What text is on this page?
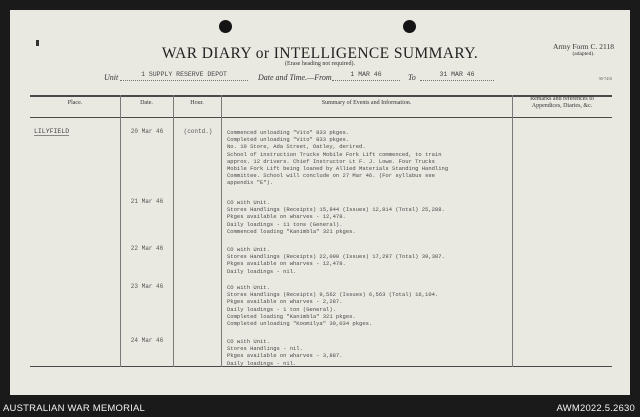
WAR DIARY or INTELLIGENCE SUMMARY.
(Erase heading not required).
Army Form C. 2118
(adapted).
M-7410
Unit	1 SUPPLY RESERVE DEPOT	Date and Time.—From	1 MAR 46	To	31 MAR 46
Place.	Date.	Hour.	Summary of Events and Information.
Remarks and references to
Appendices, Diaries, &c.
LILYFIELD	20 Mar 46	(contd.)	Commenced unloading "Vito" 833 pkges.
Completed unloading "Vito" 833 pkges.
No. 10 Store, Ada Street, Oatley, derired.
School of instruction Trucks Mobile Fork Lift commenced, to train
approx. 12 drivers. Chief Instructor Lt F. J. Lowe. Four Trucks
Mobile Fork Lift being loaned by Allied Materials Standing Handling
Committee. School will conclude on 27 Mar 46. (For syllabus see
appendix "E").
21 Mar 46	CO with Unit.
Stores Handlings (Receipts) 15,844 (Issues) 12,814 (Total) 25,288.
Pkges available on wharves - 12,478.
Daily loadings - 11 tons (General).
Commenced loading "Kanimbla" 321 pkges.
22 Mar 46	CO with Unit.
Stores Handlings (Receipts) 22,090 (Issues) 17,297 (Total) 39,387.
Pkges available on wharves - 12,478.
Daily loadings - nil.
23 Mar 46	CO with Unit.
Stores Handlings (Receipts) 9,562 (Issues) 6,563 (Total) 16,104.
Pkges available on wharves - 2,287.
Daily loadings - 1 ton (General).
Completed loading "Kanimbla" 321 pkges.
Completed unloading "Koomilya" 39,034 pkges.
24 Mar 46	CO with Unit.
Stores Handlings - nil.
Pkges available on wharves - 3,887.
Daily loadings - nil.
AUSTRALIAN WAR MEMORIAL	AWM2022.5.2630
